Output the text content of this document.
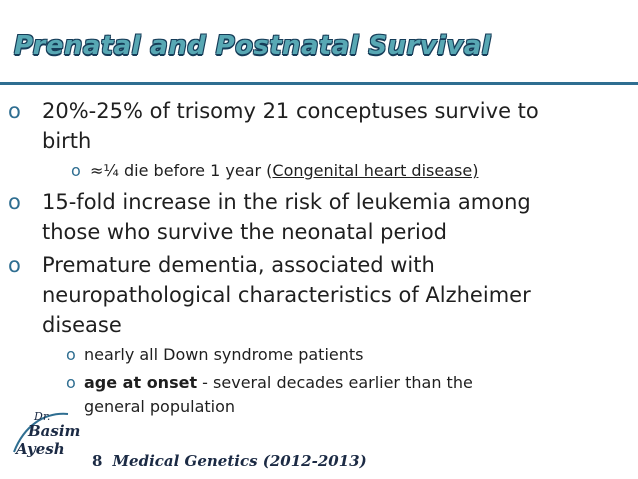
Prenatal and Postnatal Survival
o 20%-25% of trisomy 21 conceptuses survive to
birth
o ≈¼ die before 1 year (Congenital heart disease)
o 15-fold increase in the risk of leukemia among
those who survive the neonatal period
o Premature dementia, associated with
neuropathological characteristics of Alzheimer
disease
o nearly all Down syndrome patients
o age at onset - several decades earlier than the
general population
Dr.
Basim
Ayesh
8 Medical Genetics (2012-2013)
